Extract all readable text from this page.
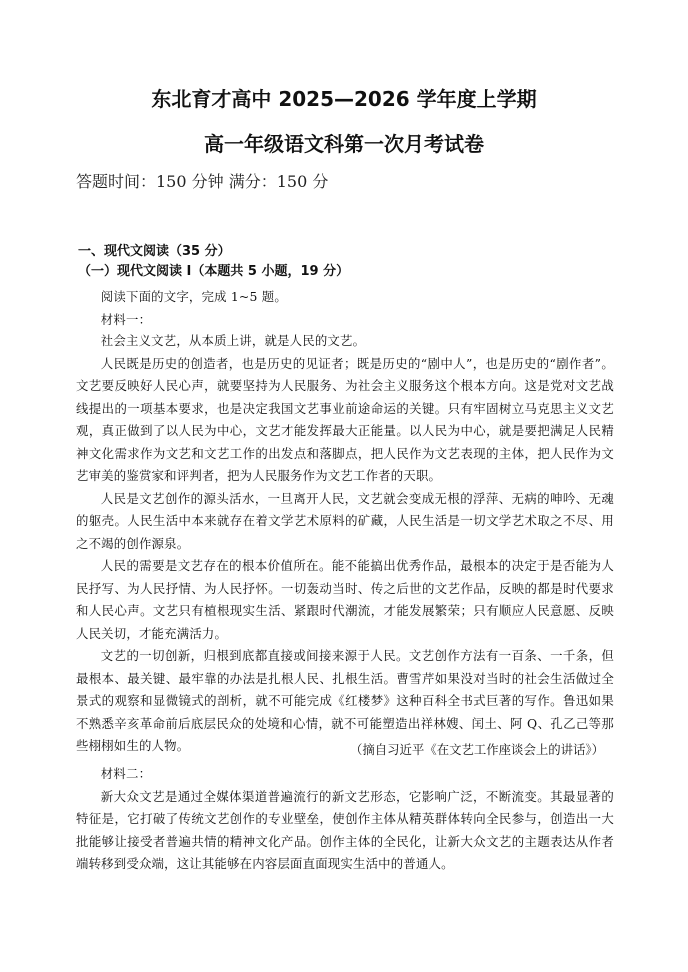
东北育才高中 2025—2026 学年度上学期
高一年级语文科第一次月考试卷
答题时间：150 分钟 满分：150 分
一、现代文阅读（35 分）
（一）现代文阅读 I（本题共 5 小题，19 分）

阅读下面的文字，完成 1~5 题。

材料一：

社会主义文艺，从本质上讲，就是人民的文艺。

人民既是历史的创造者，也是历史的见证者；既是历史的“剧中人”，也是历史的“剧作者”。文艺要反映好人民心声，就要坚持为人民服务、为社会主义服务这个根本方向。这是党对文艺战线提出的一项基本要求，也是决定我国文艺事业前途命运的关键。只有牢固树立马克思主义文艺观，真正做到了以人民为中心，文艺才能发挥最大正能量。以人民为中心，就是要把满足人民精神文化需求作为文艺和文艺工作的出发点和落脚点，把人民作为文艺表现的主体，把人民作为文艺审美的鉴赏家和评判者，把为人民服务作为文艺工作者的天职。

人民是文艺创作的源头活水，一旦离开人民，文艺就会变成无根的浮萍、无病的呻吟、无魂的躯壳。人民生活中本来就存在着文学艺术原料的矿藏，人民生活是一切文学艺术取之不尽、用之不竭的创作源泉。

人民的需要是文艺存在的根本价值所在。能不能搞出优秀作品，最根本的决定于是否能为人民抒写、为人民抒情、为人民抒怀。一切轰动当时、传之后世的文艺作品，反映的都是时代要求和人民心声。文艺只有植根现实生活、紧跟时代潮流，才能发展繁荣；只有顺应人民意愿、反映人民关切，才能充满活力。

文艺的一切创新，归根到底都直接或间接来源于人民。文艺创作方法有一百条、一千条，但最根本、最关键、最牢靠的办法是扎根人民、扎根生活。曹雪芹如果没对当时的社会生活做过全景式的观察和显微镜式的剖析，就不可能完成《红楼梦》这种百科全书式巨著的写作。鲁迅如果不熟悉辛亥革命前后底层民众的处境和心情，就不可能塑造出祥林嫂、闰土、阿 Q、孔乙己等那些栩栩如生的人物。	（摘自习近平《在文艺工作座谈会上的讲话》）

材料二：

新大众文艺是通过全媒体渠道普遍流行的新文艺形态，它影响广泛，不断流变。其最显著的特征是，它打破了传统文艺创作的专业壁垒，使创作主体从精英群体转向全民参与，创造出一大批能够让接受者普遍共情的精神文化产品。创作主体的全民化，让新大众文艺的主题表达从作者端转移到受众端，这让其能够在内容层面直面现实生活中的普通人。
